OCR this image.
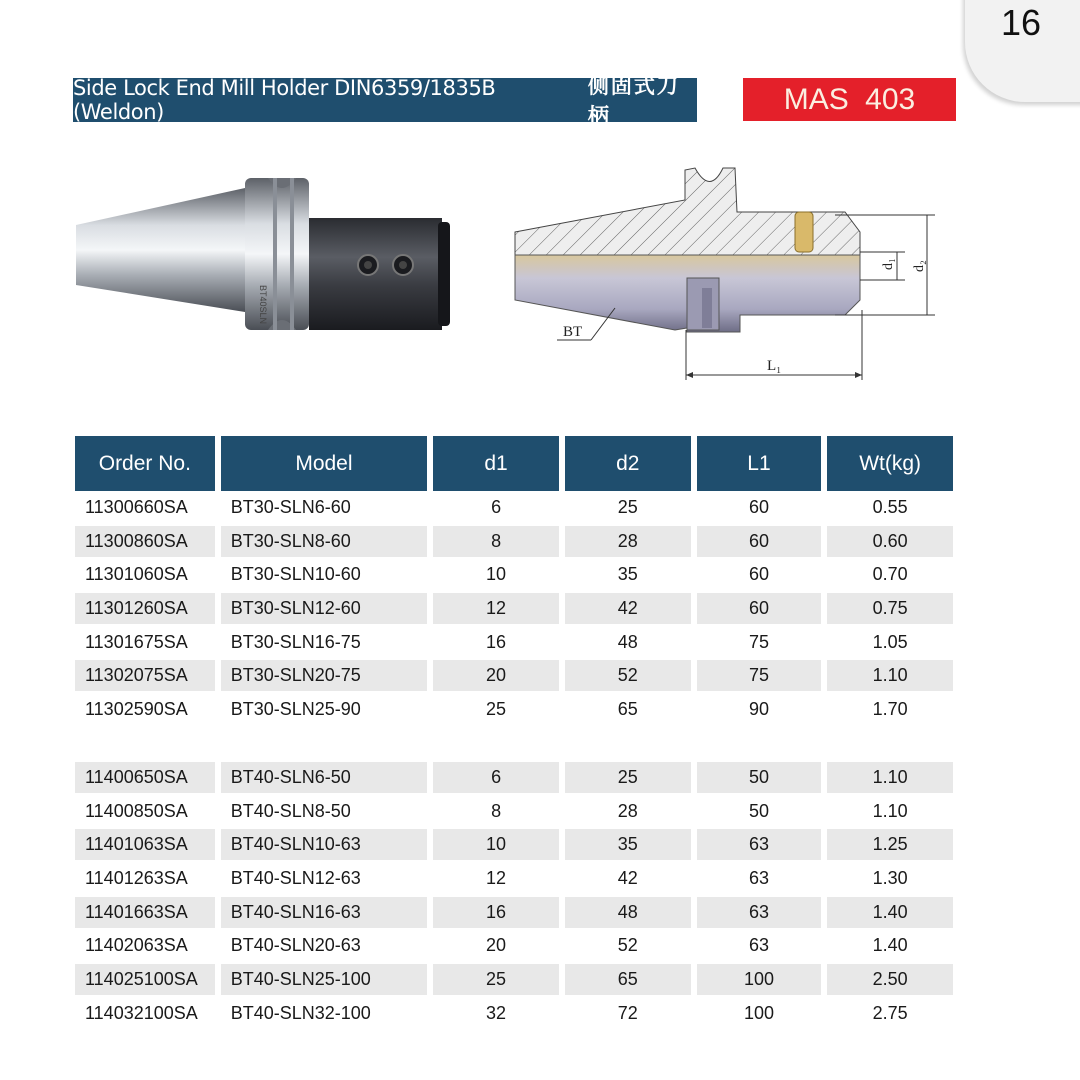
16
Side Lock End Mill Holder DIN6359/1835B (Weldon)
侧固式刀柄
MAS 403
BT40SLN
BT
L₁
d₁ d₂
Order No.	Model	d1	d2	L1	Wt(kg)
11300660SA	BT30-SLN6-60	6	25	60	0.55
11300860SA	BT30-SLN8-60	8	28	60	0.60
11301060SA	BT30-SLN10-60	10	35	60	0.70
11301260SA	BT30-SLN12-60	12	42	60	0.75
11301675SA	BT30-SLN16-75	16	48	75	1.05
11302075SA	BT30-SLN20-75	20	52	75	1.10
11302590SA	BT30-SLN25-90	25	65	90	1.70
11400650SA	BT40-SLN6-50	6	25	50	1.10
11400850SA	BT40-SLN8-50	8	28	50	1.10
11401063SA	BT40-SLN10-63	10	35	63	1.25
11401263SA	BT40-SLN12-63	12	42	63	1.30
11401663SA	BT40-SLN16-63	16	48	63	1.40
11402063SA	BT40-SLN20-63	20	52	63	1.40
114025100SA	BT40-SLN25-100	25	65	100	2.50
114032100SA	BT40-SLN32-100	32	72	100	2.75
